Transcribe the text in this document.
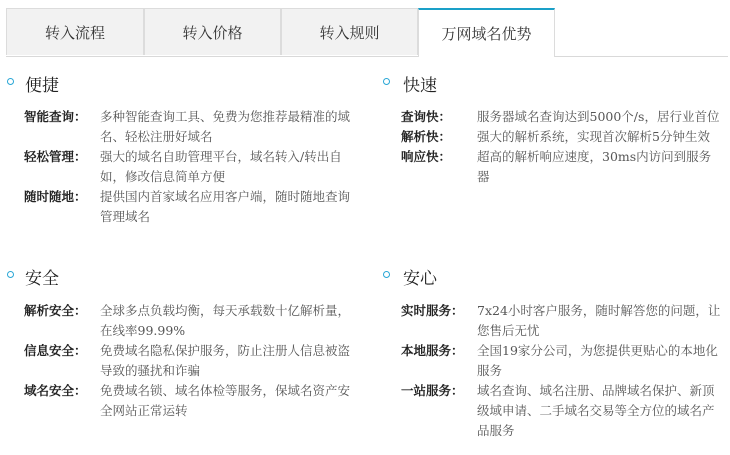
转入流程	转入价格	转入规则	万网域名优势
便捷
智能查询：	多种智能查询工具、免费为您推荐最精准的域名、轻松注册好域名
轻松管理：	强大的域名自助管理平台，域名转入/转出自如，修改信息简单方便
随时随地：	提供国内首家域名应用客户端，随时随地查询管理域名
快速
查询快：	服务器域名查询达到5000个/s，居行业首位
解析快：	强大的解析系统，实现首次解析5分钟生效
响应快：	超高的解析响应速度，30ms内访问到服务器
安全
解析安全：	全球多点负载均衡，每天承载数十亿解析量，在线率99.99%
信息安全：	免费域名隐私保护服务，防止注册人信息被盗导致的骚扰和诈骗
域名安全：	免费域名锁、域名体检等服务，保域名资产安全网站正常运转
安心
实时服务：	7x24小时客户服务，随时解答您的问题，让您售后无忧
本地服务：	全国19家分公司，为您提供更贴心的本地化服务
一站服务：	域名查询、域名注册、品牌域名保护、新顶级域申请、二手域名交易等全方位的域名产品服务
